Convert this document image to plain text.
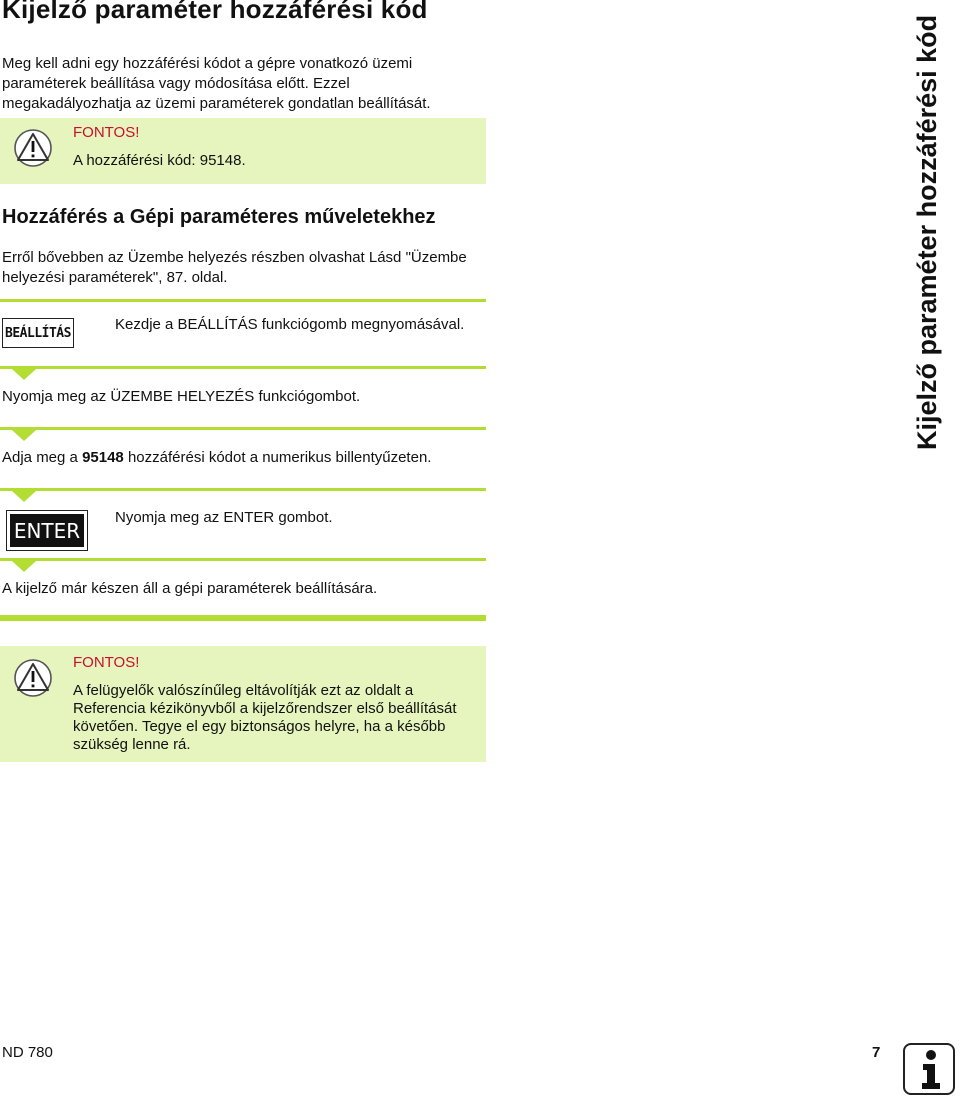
Kijelző paraméter hozzáférési kód
Meg kell adni egy hozzáférési kódot a gépre vonatkozó üzemi
paraméterek beállítása vagy módosítása előtt. Ezzel
megakadályozhatja az üzemi paraméterek gondatlan beállítását.
FONTOS!
A hozzáférési kód: 95148.
Hozzáférés a Gépi paraméteres műveletekhez
Erről bővebben az Üzembe helyezés részben olvashat Lásd "Üzembe
helyezési paraméterek", 87. oldal.
BEÁLLÍTÁS	Kezdje a BEÁLLÍTÁS funkciógomb megnyomásával.
Nyomja meg az ÜZEMBE HELYEZÉS funkciógombot.
Adja meg a 95148 hozzáférési kódot a numerikus billentyűzeten.
ENTER
Nyomja meg az ENTER gombot.
A kijelző már készen áll a gépi paraméterek beállítására.
FONTOS!
A felügyelők valószínűleg eltávolítják ezt az oldalt a
Referencia kézikönyvből a kijelzőrendszer első beállítását
követően. Tegye el egy biztonságos helyre, ha a később
szükség lenne rá.
Kijelző paraméter hozzáférési kód
ND 780	7
